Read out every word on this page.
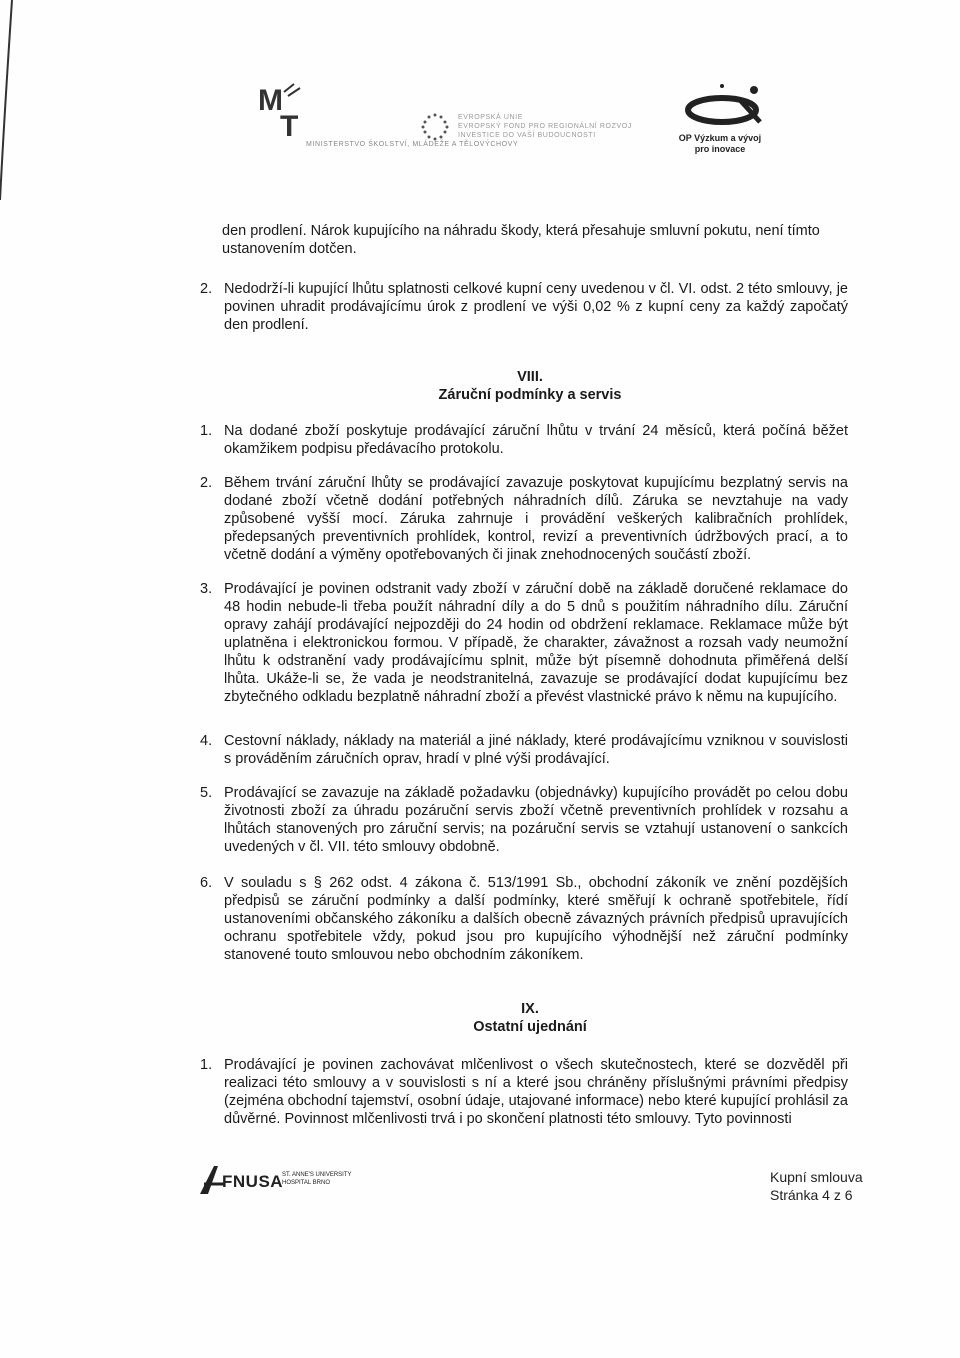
M
T
MINISTERSTVO ŠKOLSTVÍ, MLÁDEŽE A TĚLOVÝCHOVY
EVROPSKÁ UNIE
EVROPSKÝ FOND PRO REGIONÁLNÍ ROZVOJ
INVESTICE DO VAŠÍ BUDOUCNOSTI	OP Výzkum a vývoj
pro inovace

den prodlení. Nárok kupujícího na náhradu škody, která přesahuje smluvní pokutu, není tímto ustanovením dotčen.

2. Nedodrží-li kupující lhůtu splatnosti celkové kupní ceny uvedenou v čl. VI. odst. 2 této smlouvy, je povinen uhradit prodávajícímu úrok z prodlení ve výši 0,02 % z kupní ceny za každý započatý den prodlení.

VIII.
Záruční podmínky a servis
1. Na dodané zboží poskytuje prodávající záruční lhůtu v trvání 24 měsíců, která počíná běžet okamžikem podpisu předávacího protokolu.

2. Během trvání záruční lhůty se prodávající zavazuje poskytovat kupujícímu bezplatný servis na dodané zboží včetně dodání potřebných náhradních dílů. Záruka se nevztahuje na vady způsobené vyšší mocí. Záruka zahrnuje i provádění veškerých kalibračních prohlídek, předepsaných preventivních prohlídek, kontrol, revizí a preventivních údržbových prací, a to včetně dodání a výměny opotřebovaných či jinak znehodnocených součástí zboží.

3. Prodávající je povinen odstranit vady zboží v záruční době na základě doručené reklamace do 48 hodin nebude-li třeba použít náhradní díly a do 5 dnů s použitím náhradního dílu. Záruční opravy zahájí prodávající nejpozději do 24 hodin od obdržení reklamace. Reklamace může být uplatněna i elektronickou formou. V případě, že charakter, závažnost a rozsah vady neumožní lhůtu k odstranění vady prodávajícímu splnit, může být písemně dohodnuta přiměřená delší lhůta. Ukáže-li se, že vada je neodstranitelná, zavazuje se prodávající dodat kupujícímu bez zbytečného odkladu bezplatně náhradní zboží a převést vlastnické právo k němu na kupujícího.

4. Cestovní náklady, náklady na materiál a jiné náklady, které prodávajícímu vzniknou v souvislosti s prováděním záručních oprav, hradí v plné výši prodávající.

5. Prodávající se zavazuje na základě požadavku (objednávky) kupujícího provádět po celou dobu životnosti zboží za úhradu pozáruční servis zboží včetně preventivních prohlídek v rozsahu a lhůtách stanovených pro záruční servis; na pozáruční servis se vztahují ustanovení o sankcích uvedených v čl. VII. této smlouvy obdobně.

6. V souladu s § 262 odst. 4 zákona č. 513/1991 Sb., obchodní zákoník ve znění pozdějších předpisů se záruční podmínky a další podmínky, které směřují k ochraně spotřebitele, řídí ustanoveními občanského zákoníku a dalších obecně závazných právních předpisů upravujících ochranu spotřebitele vždy, pokud jsou pro kupujícího výhodnější než záruční podmínky stanovené touto smlouvou nebo obchodním zákoníkem.

IX.
Ostatní ujednání
1. Prodávající je povinen zachovávat mlčenlivost o všech skutečnostech, které se dozvěděl při realizaci této smlouvy a v souvislosti s ní a které jsou chráněny příslušnými právními předpisy (zejména obchodní tajemství, osobní údaje, utajované informace) nebo které kupující prohlásil za důvěrné. Povinnost mlčenlivosti trvá i po skončení platnosti této smlouvy. Tyto povinnosti

FNUSA
ST. ANNE'S UNIVERSITY
HOSPITAL BRNO	Kupní smlouva
Stránka 4 z 6
